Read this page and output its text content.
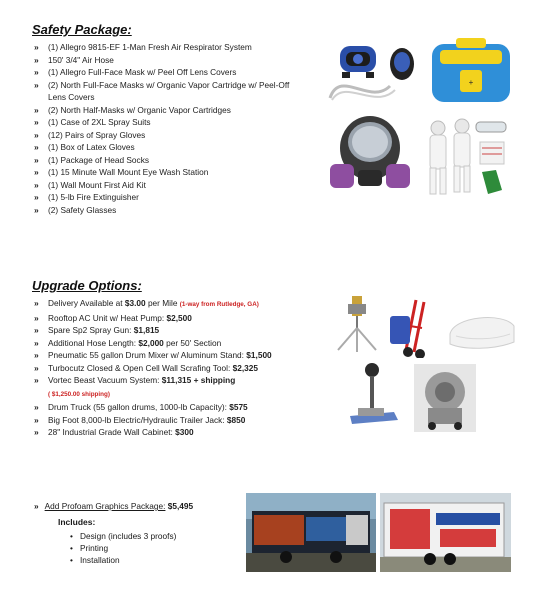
Safety Package:
» (1) Allegro 9815-EF 1-Man Fresh Air Respirator System
» 150' 3/4" Air Hose
» (1) Allegro Full-Face Mask w/ Peel Off Lens Covers
» (2) North Full-Face Masks w/ Organic Vapor Cartridge w/ Peel-Off Lens Covers
» (2) North Half-Masks w/ Organic Vapor Cartridges
» (1) Case of 2XL Spray Suits
» (12) Pairs of Spray Gloves
» (1) Box of Latex Gloves
» (1) Package of Head Socks
» (1) 15 Minute Wall Mount Eye Wash Station
» (1) Wall Mount First Aid Kit
» (1) 5-lb Fire Extinguisher
» (2) Safety Glasses
+
Upgrade Options:
» Delivery Available at $3.00 per Mile (1-way from Rutledge, GA)
» Rooftop AC Unit w/ Heat Pump: $2,500
» Spare Sp2 Spray Gun: $1,815
» Additional Hose Length: $2,000 per 50' Section
» Pneumatic 55 gallon Drum Mixer w/ Aluminum Stand: $1,500
» Turbocutz Closed & Open Cell Wall Scrafing Tool: $2,325
» Vortec Beast Vacuum System: $11,315 + shipping
( $1,250.00 shipping)
» Drum Truck (55 gallon drums, 1000-lb Capacity): $575
» Big Foot 8,000-lb Electric/Hydraulic Trailer Jack: $850
» 28" Industrial Grade Wall Cabinet: $300
» Add Profoam Graphics Package: $5,495
Includes:
• Design (includes 3 proofs)
• Printing
• Installation
